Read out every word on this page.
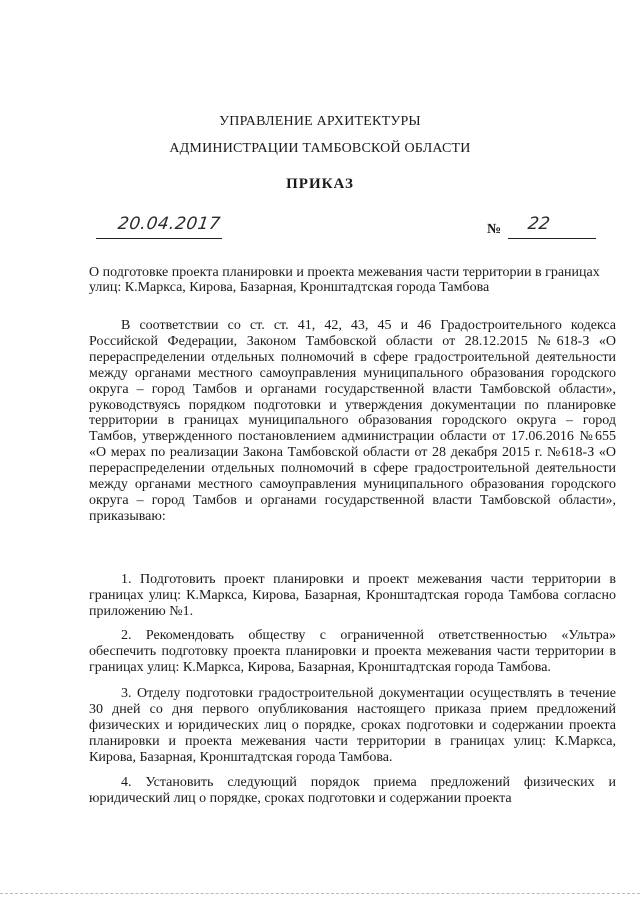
УПРАВЛЕНИЕ АРХИТЕКТУРЫ
АДМИНИСТРАЦИИ ТАМБОВСКОЙ ОБЛАСТИ
ПРИКАЗ
20.04.2017	№ 22
О подготовке проекта планировки и проекта межевания части территории в границах улиц: К.Маркса, Кирова, Базарная, Кронштадтская города Тамбова
В соответствии со ст. ст. 41, 42, 43, 45 и 46 Градостроительного кодекса Российской Федерации, Законом Тамбовской области от 28.12.2015 №618-З «О перераспределении отдельных полномочий в сфере градостроительной деятельности между органами местного самоуправления муниципального образования городского округа – город Тамбов и органами государственной власти Тамбовской области», руководствуясь порядком подготовки и утверждения документации по планировке территории в границах муниципального образования городского округа – город Тамбов, утвержденного постановлением администрации области от 17.06.2016 №655 «О мерах по реализации Закона Тамбовской области от 28 декабря 2015 г. №618-З «О перераспределении отдельных полномочий в сфере градостроительной деятельности между органами местного самоуправления муниципального образования городского округа – город Тамбов и органами государственной власти Тамбовской области», приказываю:
1. Подготовить проект планировки и проект межевания части территории в границах улиц: К.Маркса, Кирова, Базарная, Кронштадтская города Тамбова согласно приложению №1.
2. Рекомендовать обществу с ограниченной ответственностью «Ультра» обеспечить подготовку проекта планировки и проекта межевания части территории в границах улиц: К.Маркса, Кирова, Базарная, Кронштадтская города Тамбова.
3. Отделу подготовки градостроительной документации осуществлять в течение 30 дней со дня первого опубликования настоящего приказа прием предложений физических и юридических лиц о порядке, сроках подготовки и содержании проекта планировки и проекта межевания части территории в границах улиц: К.Маркса, Кирова, Базарная, Кронштадтская города Тамбова.
4. Установить следующий порядок приема предложений физических и юридический лиц о порядке, сроках подготовки и содержании проекта
